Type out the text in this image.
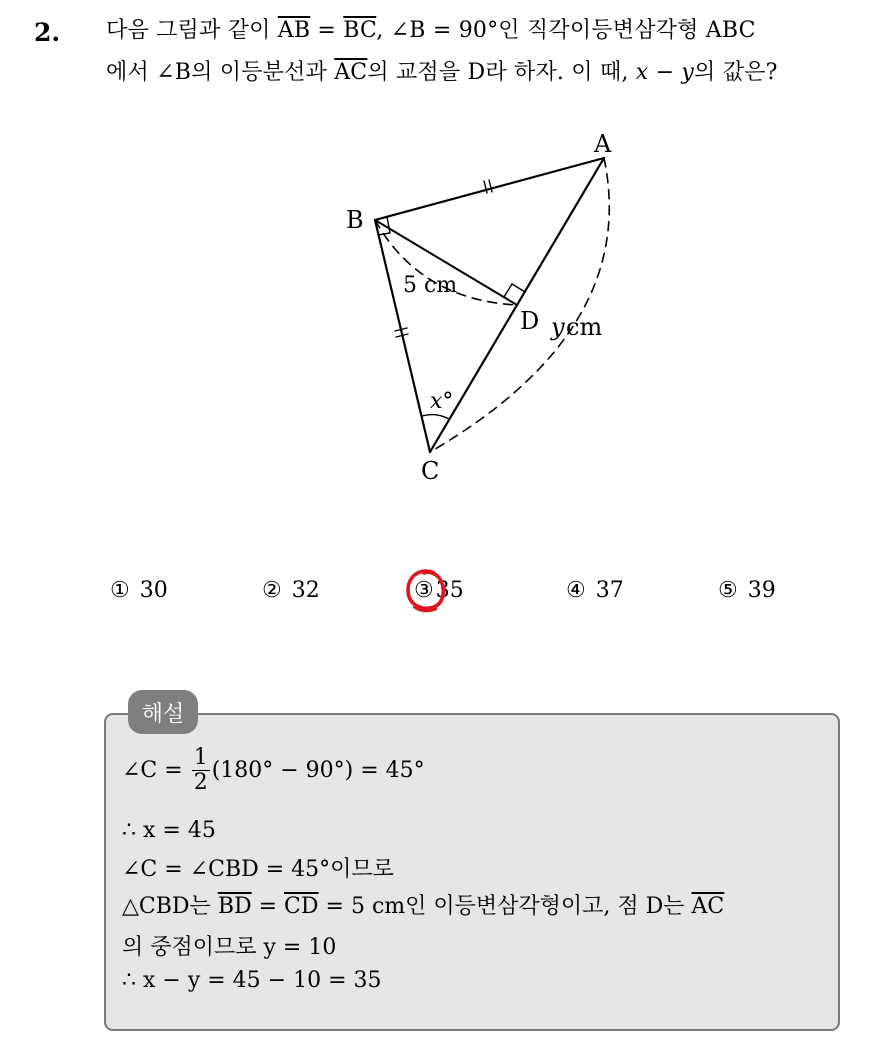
2. 다음 그림과 같이 $\overline{AB} = \overline{BC}$, ∠B = 90°인 직각이등변삼각형 ABC
에서 ∠B의 이등분선과 $\overline{AC}$의 교점을 D라 하자. 이 때, x − y의 값은?
A
B
C
D
5 cm
y cm
x°
① 30	② 32	③35	④ 37	⑤ 39
해설
∠C = $\frac{1}{2} (180^\circ - 90^\circ) = 45^\circ$
∴ x = 45
∠C = ∠CBD = 45°이므로
△CBD는 $\overline{BD} = \overline{CD} = 5$ cm인 이등변삼각형이고, 점 D는 $\overline{AC}$
의 중점이므로 y = 10
∴ x − y = 45 − 10 = 35
